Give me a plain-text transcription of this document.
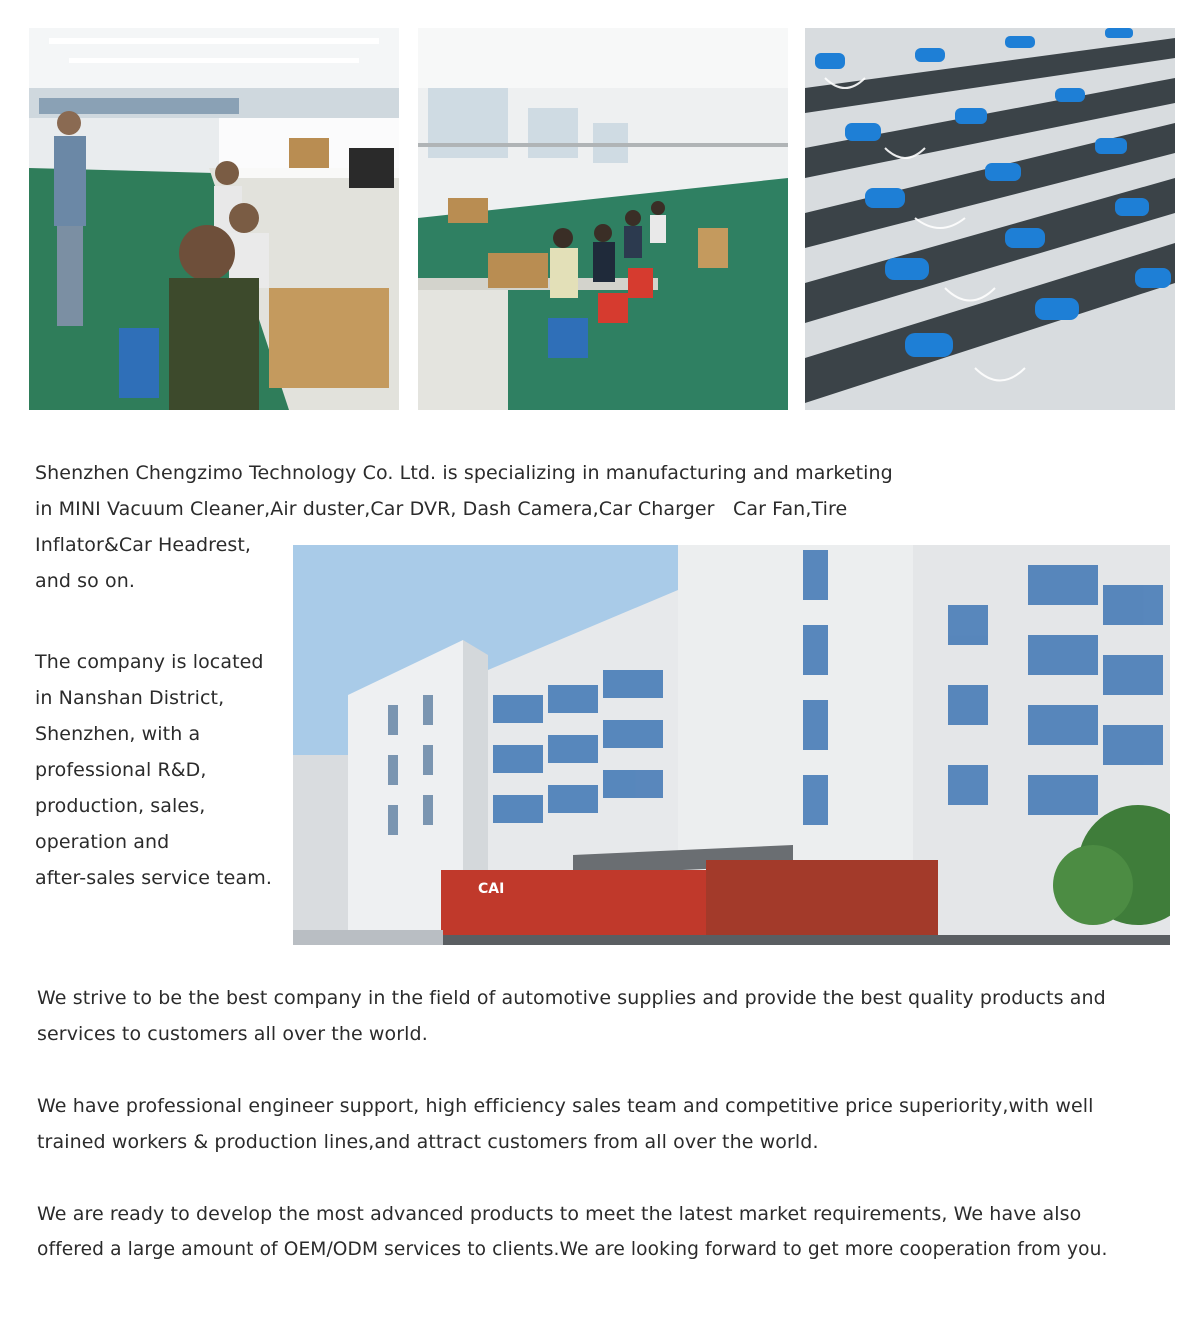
Shenzhen Chengzimo Technology Co. Ltd. is specializing in manufacturing and marketing
in MINI Vacuum Cleaner,Air duster,Car DVR, Dash Camera,Car Charger   Car Fan,Tire
Inflator&Car Headrest,
and so on.

The company is located
in Nanshan District,
Shenzhen, with a
professional R&D,
production, sales,
operation and
after-sales service team.	CAI

We strive to be the best company in the field of automotive supplies and provide the best quality products and
services to customers all over the world.

We have professional engineer support, high efficiency sales team and competitive price superiority,with well
trained workers & production lines,and attract customers from all over the world.

We are ready to develop the most advanced products to meet the latest market requirements, We have also
offered a large amount of OEM/ODM services to clients.We are looking forward to get more cooperation from you.
